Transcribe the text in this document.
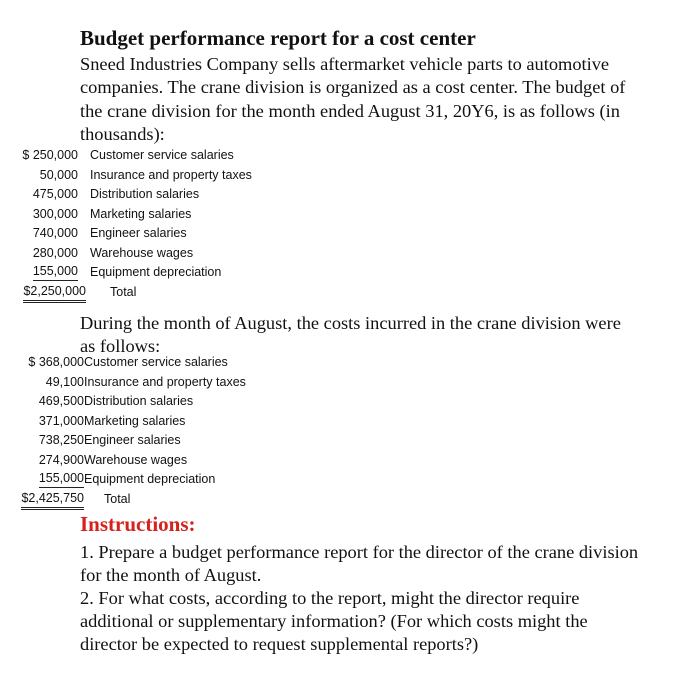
Budget performance report for a cost center

Sneed Industries Company sells aftermarket vehicle parts to automotive companies. The crane division is organized as a cost center. The budget of the crane division for the month ended August 31, 20Y6, is as follows (in thousands):

Customer service salaries
$ 250,000
Insurance and property taxes
50,000
Distribution salaries
475,000
Marketing salaries
300,000
Engineer salaries
740,000
Warehouse wages
280,000
Equipment depreciation
155,000
Total
$2,250,000

During the month of August, the costs incurred in the crane division were as follows:

Customer service salaries
$ 368,000
Insurance and property taxes
49,100
Distribution salaries
469,500
Marketing salaries
371,000
Engineer salaries
738,250
Warehouse wages
274,900
Equipment depreciation
155,000
Total
$2,425,750
Instructions:

1. Prepare a budget performance report for the director of the crane division for the month of August.

2. For what costs, according to the report, might the director require additional or supplementary information? (For which costs might the director be expected to request supplemental reports?)
